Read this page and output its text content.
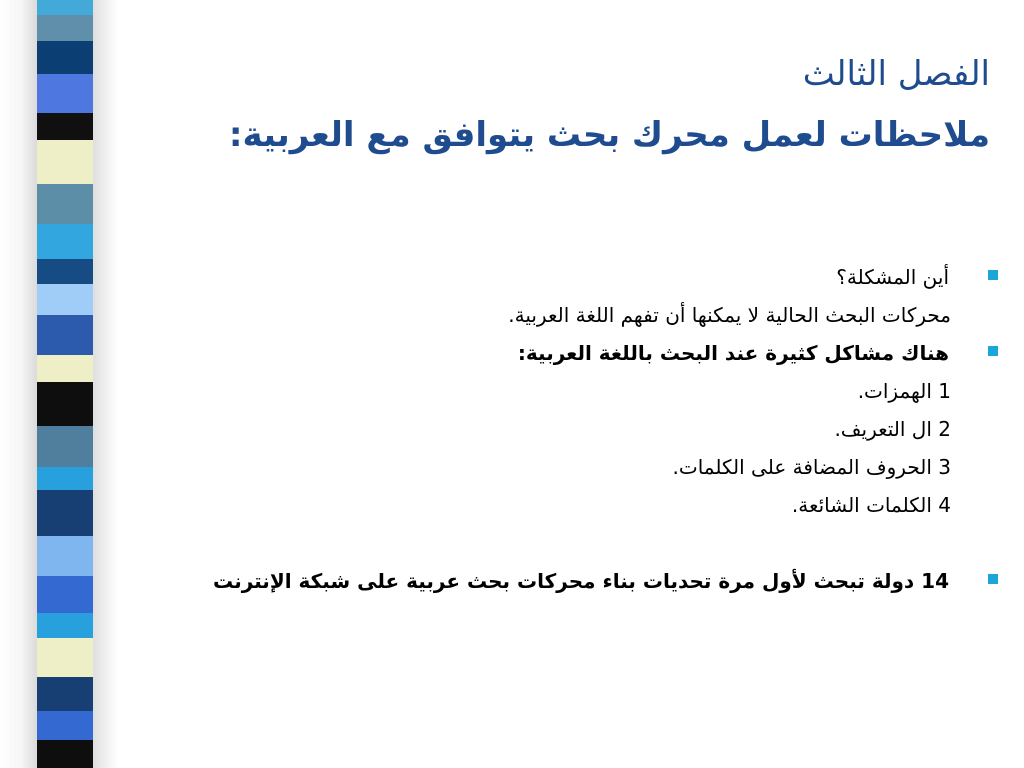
الفصل الثالث
ملاحظات لعمل محرك بحث يتوافق مع العربية:
أين المشكلة؟
محركات البحث الحالية لا يمكنها أن تفهم اللغة العربية.
هناك مشاكل كثيرة عند البحث باللغة العربية:
1 الهمزات.
2 ال التعريف.
3 الحروف المضافة على الكلمات.
4 الكلمات الشائعة.
14 دولة تبحث لأول مرة تحديات بناء محركات بحث عربية على شبكة الإنترنت
